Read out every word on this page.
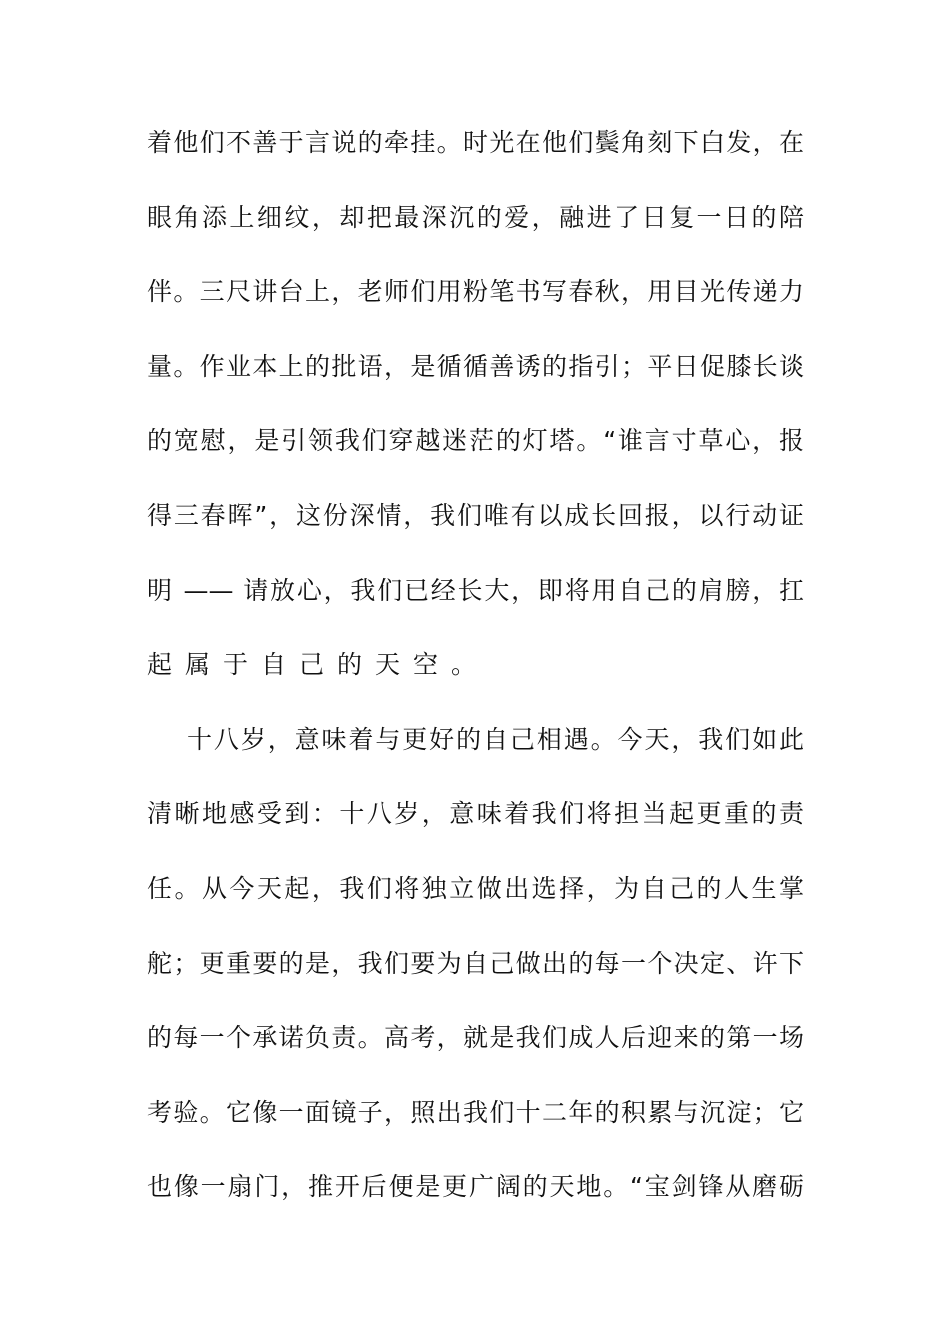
着他们不善于言说的牵挂。时光在他们鬓角刻下白发，在
眼角添上细纹，却把最深沉的爱，融进了日复一日的陪
伴。三尺讲台上，老师们用粉笔书写春秋，用目光传递力
量。作业本上的批语，是循循善诱的指引；平日促膝长谈
的宽慰，是引领我们穿越迷茫的灯塔。“谁言寸草心，报
得三春晖”，这份深情，我们唯有以成长回报，以行动证
明 —— 请放心，我们已经长大，即将用自己的肩膀，扛
起属于自己的天空。
十八岁，意味着与更好的自己相遇。今天，我们如此
清晰地感受到：十八岁，意味着我们将担当起更重的责
任。从今天起，我们将独立做出选择，为自己的人生掌
舵；更重要的是，我们要为自己做出的每一个决定、许下
的每一个承诺负责。高考，就是我们成人后迎来的第一场
考验。它像一面镜子，照出我们十二年的积累与沉淀；它
也像一扇门，推开后便是更广阔的天地。“宝剑锋从磨砺
